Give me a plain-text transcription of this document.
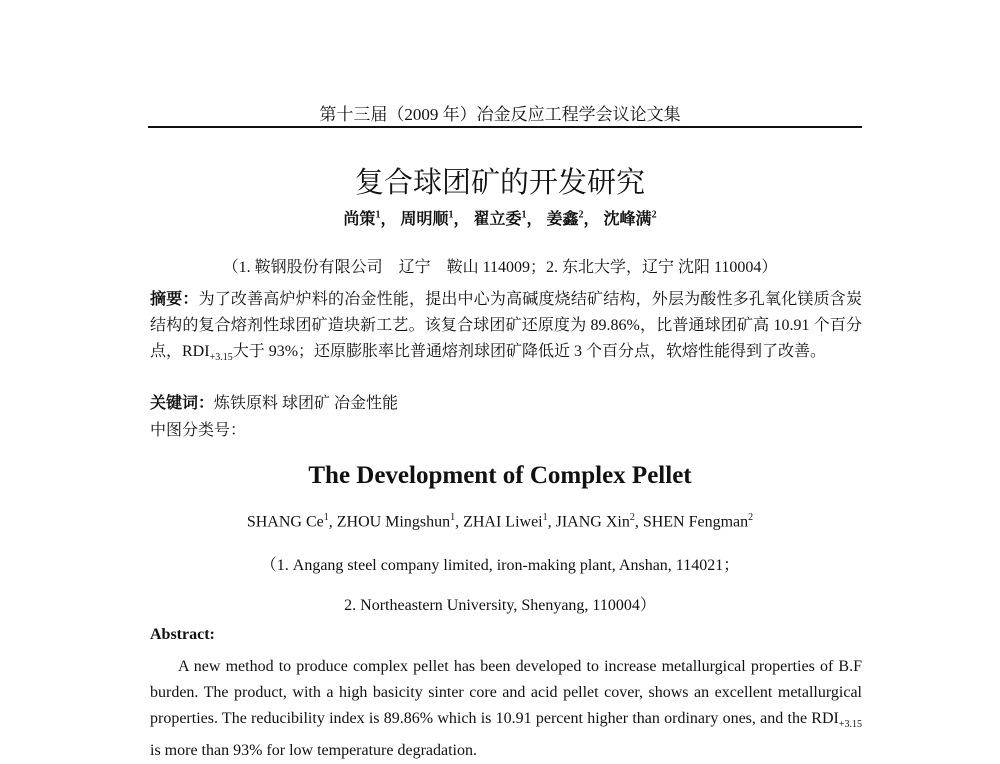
第十三届（2009 年）冶金反应工程学会议论文集
复合球团矿的开发研究
尚策$^1$， 周明顺$^1$， 翟立委$^1$， 姜鑫$^2$， 沈峰满$^2$
（1. 鞍钢股份有限公司　辽宁　鞍山 114009；2. 东北大学，辽宁 沈阳 110004）
摘要：为了改善高炉炉料的冶金性能，提出中心为高碱度烧结矿结构，外层为酸性多孔氧化镁质含炭结构的复合熔剂性球团矿造块新工艺。该复合球团矿还原度为 89.86%，比普通球团矿高 10.91 个百分点，$RDI_{+3.15}$大于 93%；还原膨胀率比普通熔剂球团矿降低近 3 个百分点，软熔性能得到了改善。
关键词：炼铁原料 球团矿 冶金性能
中图分类号：
The Development of Complex Pellet
SHANG Ce$^1$, ZHOU Mingshun$^1$, ZHAI Liwei$^1$, JIANG Xin$^2$, SHEN Fengman$^2$
（1. Angang steel company limited, iron-making plant, Anshan, 114021；
2. Northeastern University, Shenyang, 110004）
Abstract:
A new method to produce complex pellet has been developed to increase metallurgical properties of B.F burden. The product, with a high basicity sinter core and acid pellet cover, shows an excellent metallurgical properties. The reducibility index is 89.86% which is 10.91 percent higher than ordinary ones, and the $RDI_{+3.15}$ is more than 93% for low temperature degradation.
